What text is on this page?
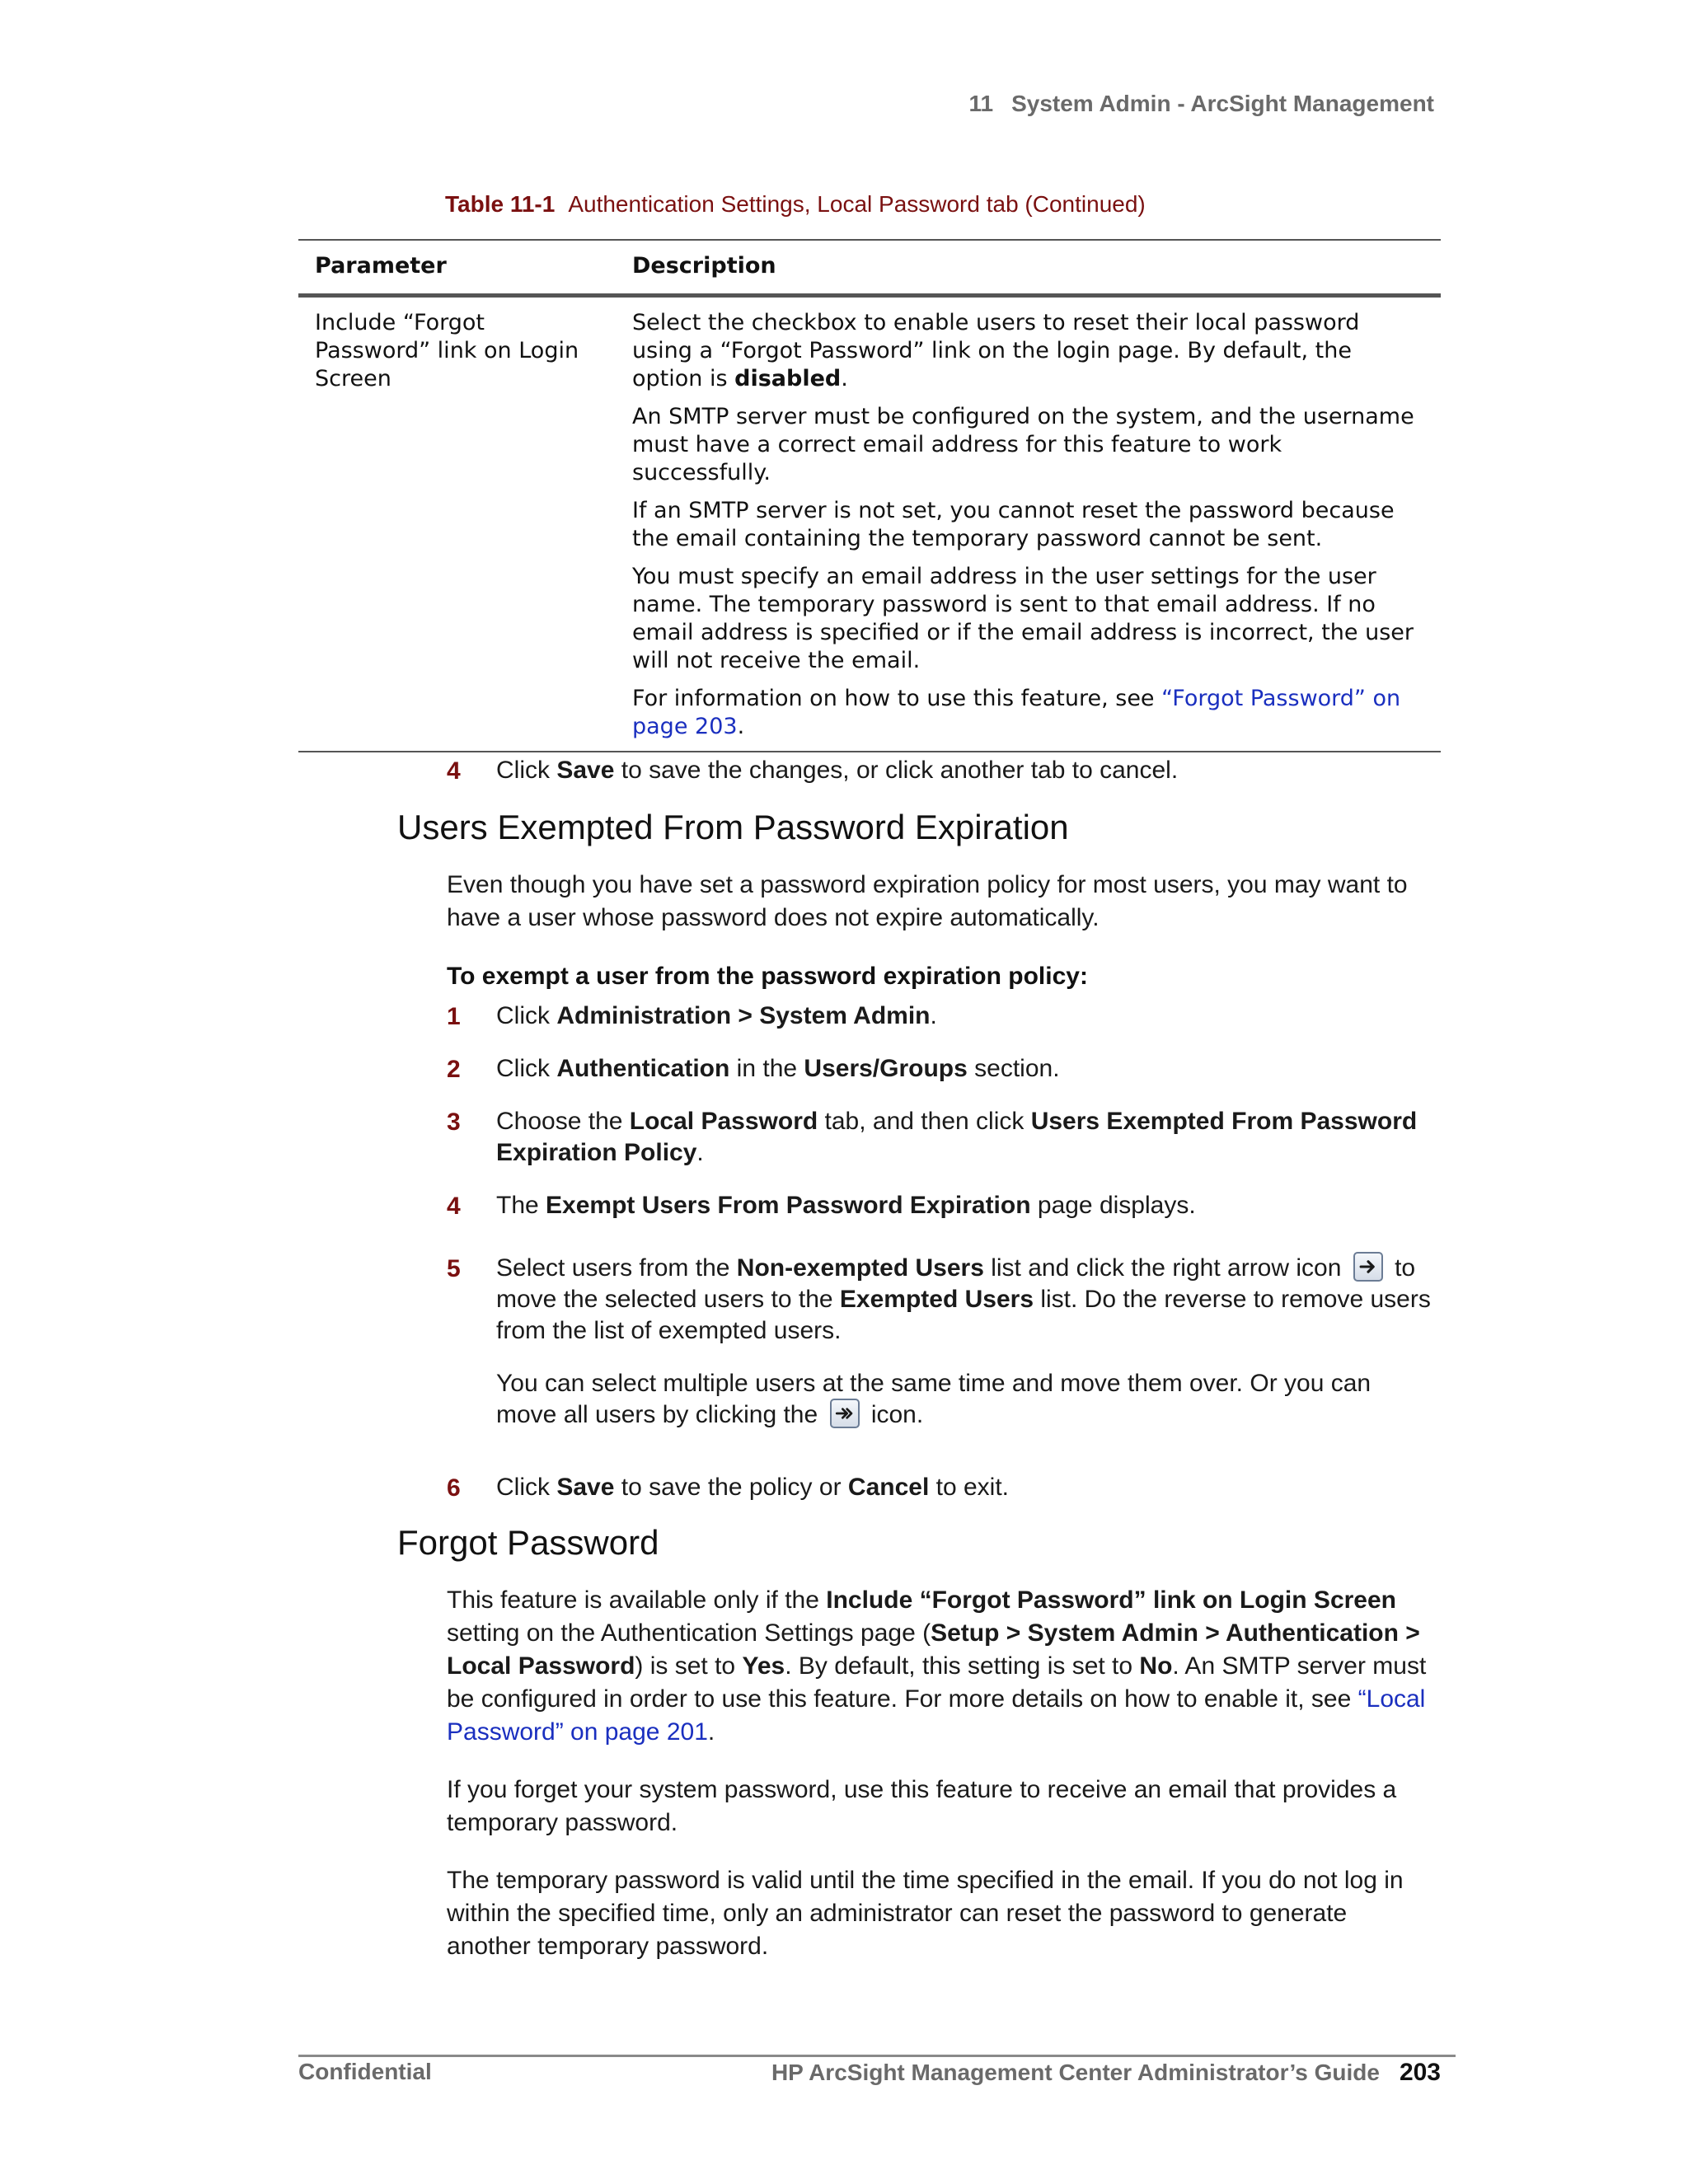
11 System Admin - ArcSight Management
Table 11-1 Authentication Settings, Local Password tab (Continued)
Parameter	Description
Include “Forgot Password” link on Login Screen	Select the checkbox to enable users to reset their local password using a “Forgot Password” link on the login page. By default, the option is disabled.

An SMTP server must be configured on the system, and the username must have a correct email address for this feature to work successfully.

If an SMTP server is not set, you cannot reset the password because the email containing the temporary password cannot be sent.

You must specify an email address in the user settings for the user name. The temporary password is sent to that email address. If no email address is specified or if the email address is incorrect, the user will not receive the email.

For information on how to use this feature, see “Forgot Password” on page 203.

4 Click Save to save the changes, or click another tab to cancel.
Users Exempted From Password Expiration

Even though you have set a password expiration policy for most users, you may want to have a user whose password does not expire automatically.

To exempt a user from the password expiration policy:
1 Click Administration > System Admin.
2 Click Authentication in the Users/Groups section.
3 Choose the Local Password tab, and then click Users Exempted From Password Expiration Policy.
4 The Exempt Users From Password Expiration page displays.
5 Select users from the Non-exempted Users list and click the right arrow icon
to move the selected users to the Exempted Users list. Do the reverse to remove users from the list of exempted users.

You can select multiple users at the same time and move them over. Or you can move all users by clicking the
icon.

6 Click Save to save the policy or Cancel to exit.
Forgot Password

This feature is available only if the Include “Forgot Password” link on Login Screen setting on the Authentication Settings page (Setup > System Admin > Authentication > Local Password) is set to Yes. By default, this setting is set to No. An SMTP server must be configured in order to use this feature. For more details on how to enable it, see “Local Password” on page 201.

If you forget your system password, use this feature to receive an email that provides a temporary password.

The temporary password is valid until the time specified in the email. If you do not log in within the specified time, only an administrator can reset the password to generate another temporary password.

Confidential	HP ArcSight Management Center Administrator’s Guide 203
